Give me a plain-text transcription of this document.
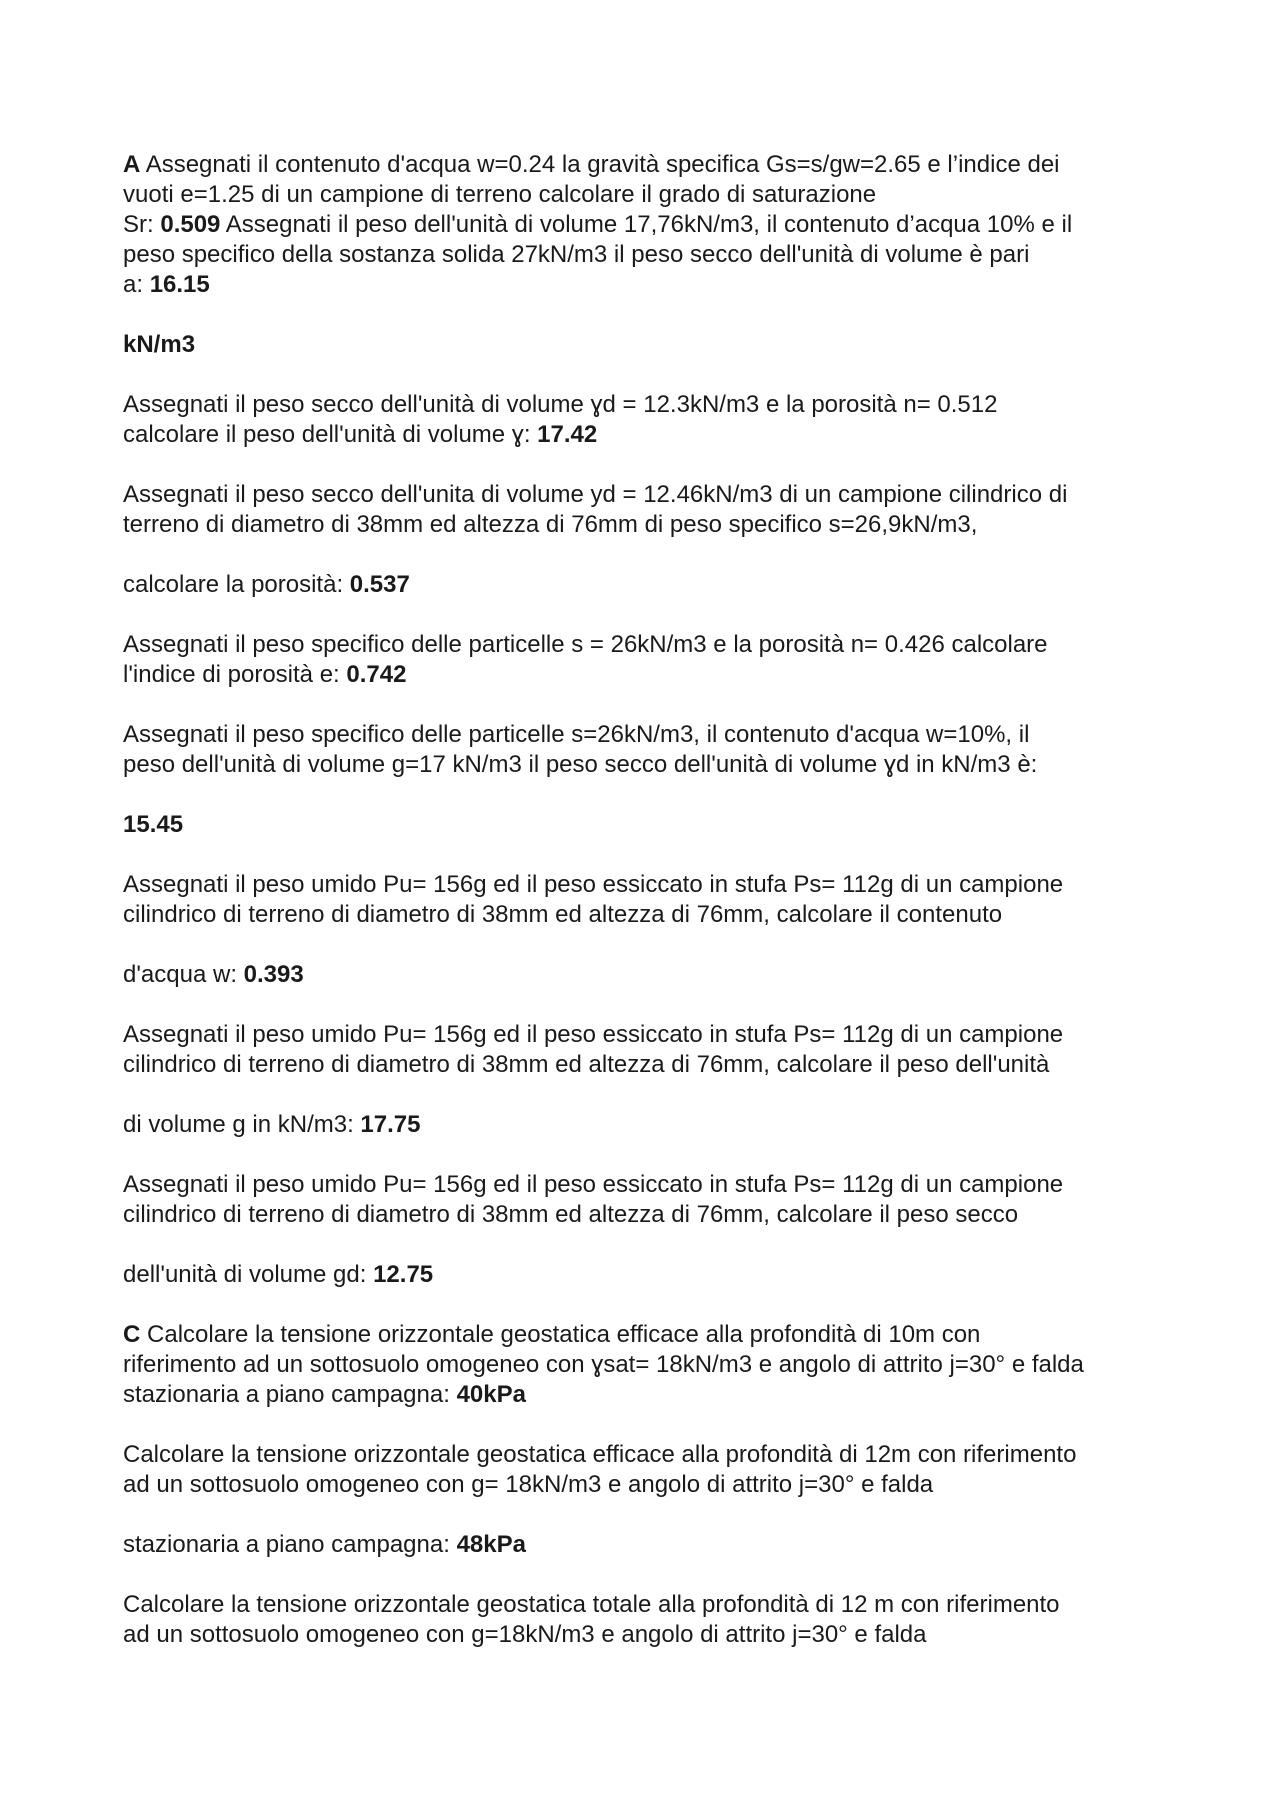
A Assegnati il contenuto d'acqua w=0.24 la gravità specifica Gs=s/gw=2.65 e l’indice dei
vuoti e=1.25 di un campione di terreno calcolare il grado di saturazione
Sr: 0.509 Assegnati il peso dell'unità di volume 17,76kN/m3, il contenuto d’acqua 10% e il
peso specifico della sostanza solida 27kN/m3 il peso secco dell'unità di volume è pari
a: 16.15

kN/m3

Assegnati il peso secco dell'unità di volume ɣd = 12.3kN/m3 e la porosità n= 0.512
calcolare il peso dell'unità di volume ɣ: 17.42

Assegnati il peso secco dell'unita di volume yd = 12.46kN/m3 di un campione cilindrico di
terreno di diametro di 38mm ed altezza di 76mm di peso specifico s=26,9kN/m3,

calcolare la porosità: 0.537

Assegnati il peso specifico delle particelle s = 26kN/m3 e la porosità n= 0.426 calcolare
l'indice di porosità e: 0.742

Assegnati il peso specifico delle particelle s=26kN/m3, il contenuto d'acqua w=10%, il
peso dell'unità di volume g=17 kN/m3 il peso secco dell'unità di volume ɣd in kN/m3 è:

15.45

Assegnati il peso umido Pu= 156g ed il peso essiccato in stufa Ps= 112g di un campione
cilindrico di terreno di diametro di 38mm ed altezza di 76mm, calcolare il contenuto

d'acqua w: 0.393

Assegnati il peso umido Pu= 156g ed il peso essiccato in stufa Ps= 112g di un campione
cilindrico di terreno di diametro di 38mm ed altezza di 76mm, calcolare il peso dell'unità

di volume g in kN/m3: 17.75

Assegnati il peso umido Pu= 156g ed il peso essiccato in stufa Ps= 112g di un campione
cilindrico di terreno di diametro di 38mm ed altezza di 76mm, calcolare il peso secco

dell'unità di volume gd: 12.75

C Calcolare la tensione orizzontale geostatica efficace alla profondità di 10m con
riferimento ad un sottosuolo omogeneo con ɣsat= 18kN/m3 e angolo di attrito j=30° e falda
stazionaria a piano campagna: 40kPa

Calcolare la tensione orizzontale geostatica efficace alla profondità di 12m con riferimento
ad un sottosuolo omogeneo con g= 18kN/m3 e angolo di attrito j=30° e falda

stazionaria a piano campagna: 48kPa

Calcolare la tensione orizzontale geostatica totale alla profondità di 12 m con riferimento
ad un sottosuolo omogeneo con g=18kN/m3 e angolo di attrito j=30° e falda
